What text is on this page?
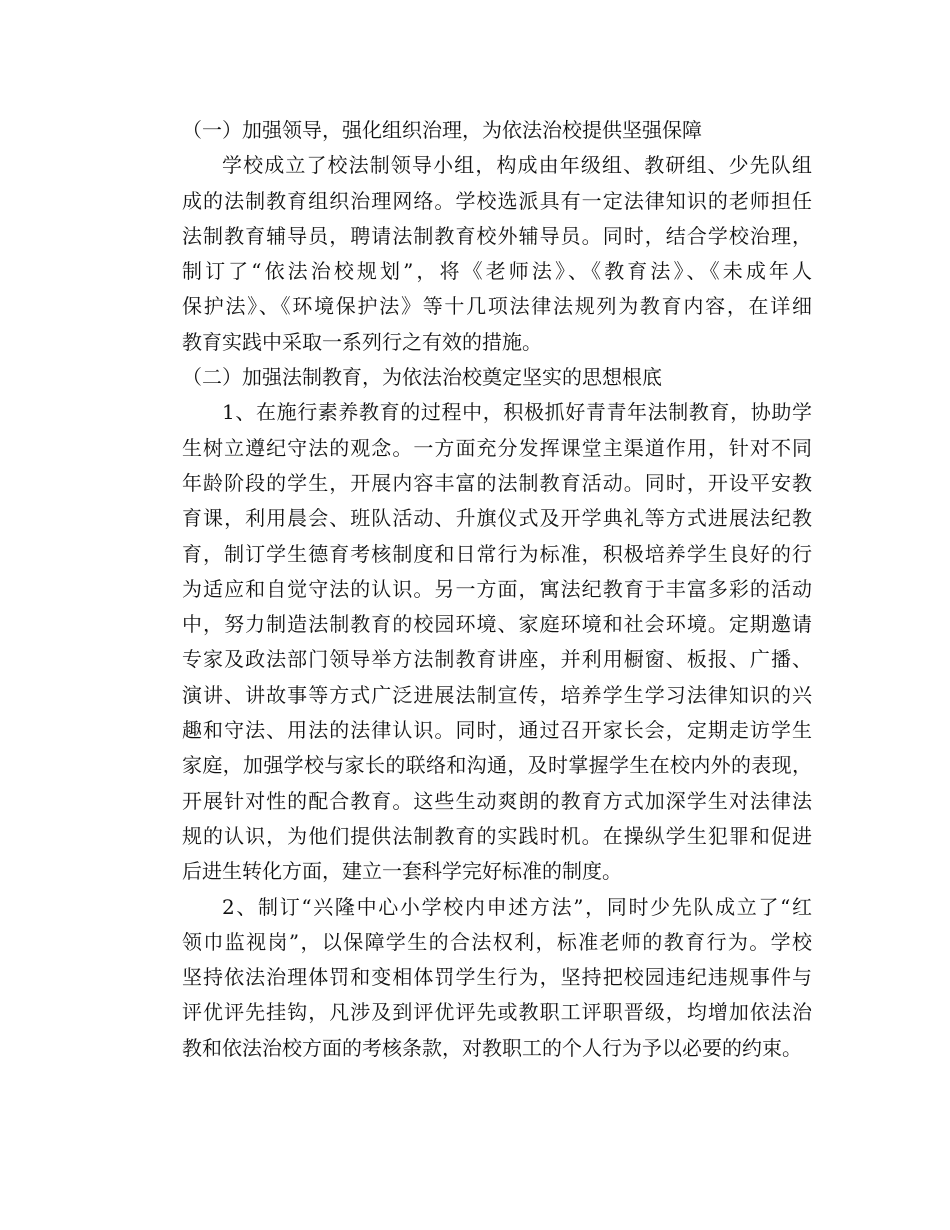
（一）加强领导，强化组织治理，为依法治校提供坚强保障
学校成立了校法制领导小组，构成由年级组、教研组、少先队组
成的法制教育组织治理网络。学校选派具有一定法律知识的老师担任
法制教育辅导员，聘请法制教育校外辅导员。同时，结合学校治理，
制订了“依法治校规划”，将《老师法》、《教育法》、《未成年人
保护法》、《环境保护法》等十几项法律法规列为教育内容，在详细
教育实践中采取一系列行之有效的措施。
（二）加强法制教育，为依法治校奠定坚实的思想根底
1、在施行素养教育的过程中，积极抓好青青年法制教育，协助学
生树立遵纪守法的观念。一方面充分发挥课堂主渠道作用，针对不同
年龄阶段的学生，开展内容丰富的法制教育活动。同时，开设平安教
育课，利用晨会、班队活动、升旗仪式及开学典礼等方式进展法纪教
育，制订学生德育考核制度和日常行为标准，积极培养学生良好的行
为适应和自觉守法的认识。另一方面，寓法纪教育于丰富多彩的活动
中，努力制造法制教育的校园环境、家庭环境和社会环境。定期邀请
专家及政法部门领导举方法制教育讲座，并利用橱窗、板报、广播、
演讲、讲故事等方式广泛进展法制宣传，培养学生学习法律知识的兴
趣和守法、用法的法律认识。同时，通过召开家长会，定期走访学生
家庭，加强学校与家长的联络和沟通，及时掌握学生在校内外的表现，
开展针对性的配合教育。这些生动爽朗的教育方式加深学生对法律法
规的认识，为他们提供法制教育的实践时机。在操纵学生犯罪和促进
后进生转化方面，建立一套科学完好标准的制度。
2、制订“兴隆中心小学校内申述方法”，同时少先队成立了“红
领巾监视岗”，以保障学生的合法权利，标准老师的教育行为。学校
坚持依法治理体罚和变相体罚学生行为，坚持把校园违纪违规事件与
评优评先挂钩，凡涉及到评优评先或教职工评职晋级，均增加依法治
教和依法治校方面的考核条款，对教职工的个人行为予以必要的约束。
